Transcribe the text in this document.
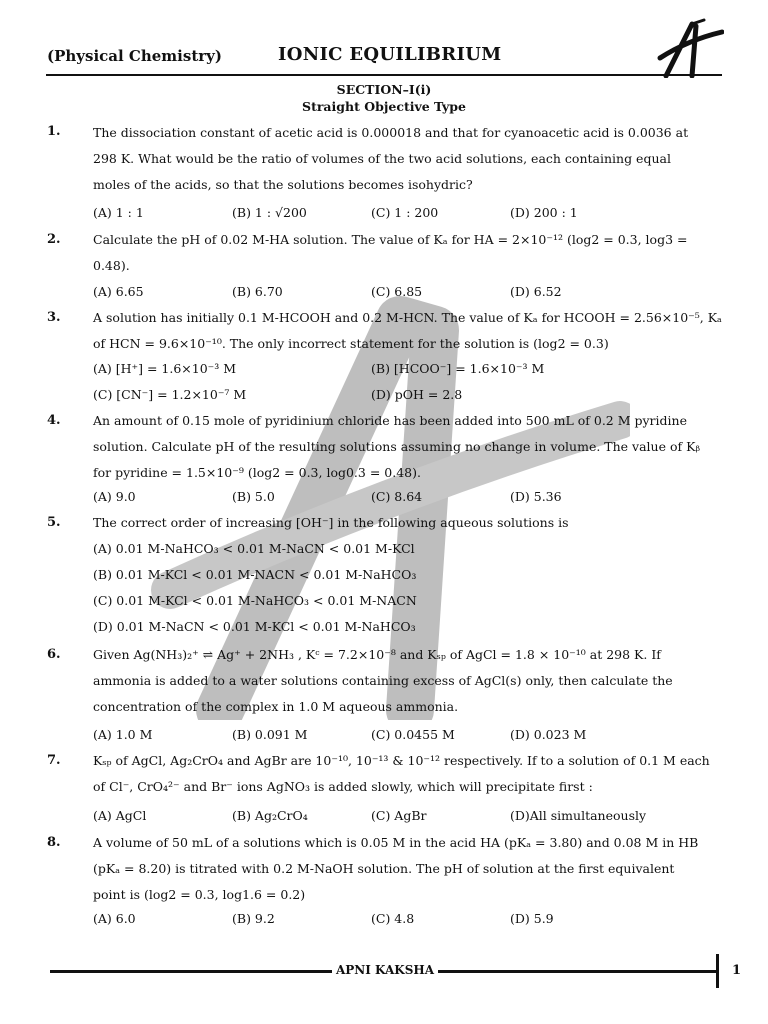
(Physical Chemistry)	IONIC EQUILIBRIUM
SECTION–I(i)
Straight Objective Type
1.	The dissociation constant of acetic acid is 0.000018 and that for cyanoacetic acid is 0.0036 at
298 K. What would be the ratio of volumes of the two acid solutions, each containing equal
moles of the acids, so that the solutions becomes isohydric?
(A) 1 : 1	(B) 1 : √200	(C) 1 : 200	(D) 200 : 1
2.	Calculate the pH of 0.02 M-HA solution. The value of Kₐ for HA = 2×10⁻¹² (log2 = 0.3, log3 =
0.48).
(A) 6.65	(B) 6.70	(C) 6.85	(D) 6.52
3.	A solution has initially 0.1 M-HCOOH and 0.2 M-HCN. The value of Kₐ for HCOOH = 2.56×10⁻⁵, Kₐ
of HCN = 9.6×10⁻¹⁰. The only incorrect statement for the solution is (log2 = 0.3)
(A) [H⁺] = 1.6×10⁻³ M	(B) [HCOO⁻] = 1.6×10⁻³ M
(C) [CN⁻] = 1.2×10⁻⁷ M	(D) pOH = 2.8
4.	An amount of 0.15 mole of pyridinium chloride has been added into 500 mL of 0.2 M pyridine
solution. Calculate pH of the resulting solutions assuming no change in volume. The value of Kᵦ
for pyridine = 1.5×10⁻⁹ (log2 = 0.3, log0.3 = 0.48).
(A) 9.0	(B) 5.0	(C) 8.64	(D) 5.36
5.	The correct order of increasing [OH⁻] in the following aqueous solutions is
(A) 0.01 M-NaHCO₃ < 0.01 M-NaCN < 0.01 M-KCl
(B) 0.01 M-KCl < 0.01 M-NACN < 0.01 M-NaHCO₃
(C) 0.01 M-KCl < 0.01 M-NaHCO₃ < 0.01 M-NACN
(D) 0.01 M-NaCN < 0.01 M-KCl < 0.01 M-NaHCO₃
6.	Given Ag(NH₃)₂⁺ ⇌ Ag⁺ + 2NH₃ , Kᶜ = 7.2×10⁻⁸ and Kₛₚ of AgCl = 1.8 × 10⁻¹⁰ at 298 K. If
ammonia is added to a water solutions containing excess of AgCl(s) only, then calculate the
concentration of the complex in 1.0 M aqueous ammonia.
(A) 1.0 M	(B) 0.091 M	(C) 0.0455 M	(D) 0.023 M
7.	Kₛₚ of AgCl, Ag₂CrO₄ and AgBr are 10⁻¹⁰, 10⁻¹³ & 10⁻¹² respectively. If to a solution of 0.1 M each
of Cl⁻, CrO₄²⁻ and Br⁻ ions AgNO₃ is added slowly, which will precipitate first :
(A) AgCl	(B) Ag₂CrO₄	(C) AgBr	(D)All simultaneously
8.	A volume of 50 mL of a solutions which is 0.05 M in the acid HA (pKₐ = 3.80) and 0.08 M in HB
(pKₐ = 8.20) is titrated with 0.2 M-NaOH solution. The pH of solution at the first equivalent
point is (log2 = 0.3, log1.6 = 0.2)
(A) 6.0	(B) 9.2	(C) 4.8	(D) 5.9
APNI KAKSHA	1
